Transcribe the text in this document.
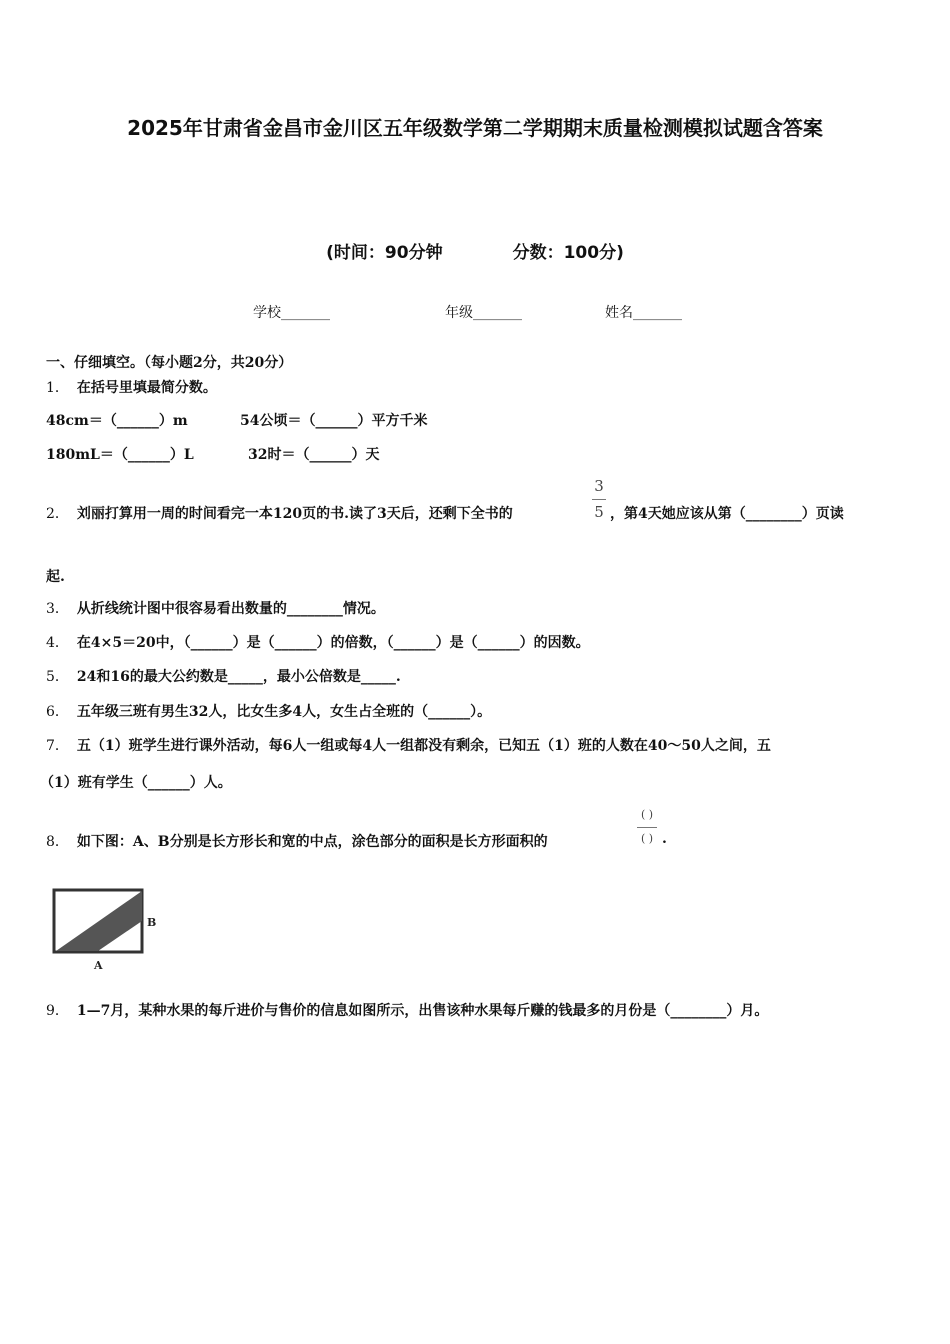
2025年甘肃省金昌市金川区五年级数学第二学期期末质量检测模拟试题含答案
(时间：90分钟	分数：100分)
学校_______	年级_______	姓名_______
一、仔细填空。（每小题2分，共20分）
1． 在括号里填最简分数。
48cm＝（______）m	54公顷＝（______）平方千米
180mL＝（______）L	32时＝（______）天
2． 刘丽打算用一周的时间看完一本120页的书.读了3天后，还剩下全书的
3
5 ，第4天她应该从第（________）页读
起.
3． 从折线统计图中很容易看出数量的________情况。
4． 在4×5＝20中，（______）是（______）的倍数，（______）是（______）的因数。
5． 24和16的最大公约数是_____，最小公倍数是_____.
6． 五年级三班有男生32人，比女生多4人，女生占全班的（______）。
7． 五（1）班学生进行课外活动，每6人一组或每4人一组都没有剩余，已知五（1）班的人数在40～50人之间，五
（1）班有学生（______）人。
8． 如下图：A、B分别是长方形长和宽的中点，涂色部分的面积是长方形面积的
( )
( ) .
B
A
9． 1—7月，某种水果的每斤进价与售价的信息如图所示，出售该种水果每斤赚的钱最多的月份是（________）月。
